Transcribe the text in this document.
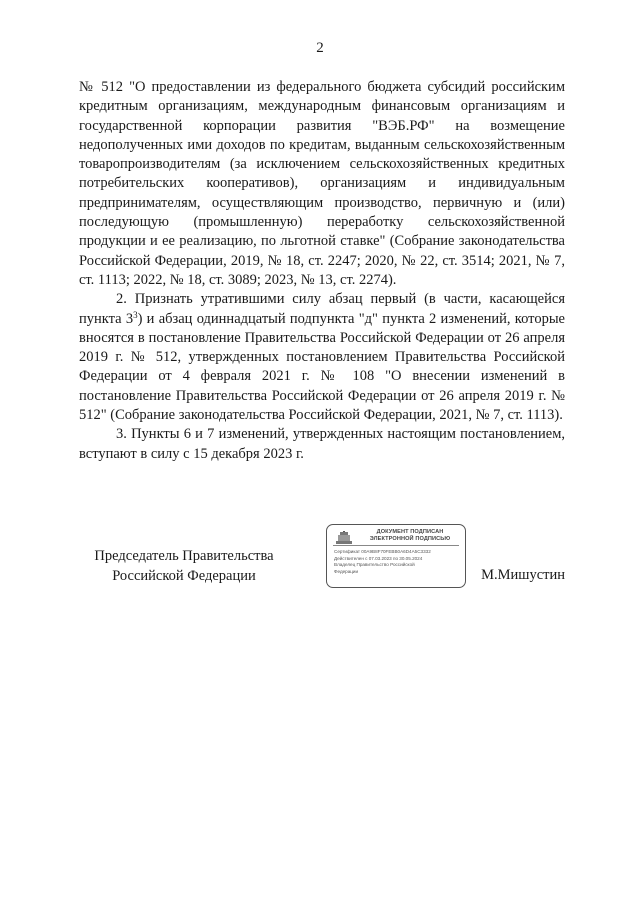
2

№ 512 "О предоставлении из федерального бюджета субсидий российским кредитным организациям, международным финансовым организациям и государственной корпорации развития "ВЭБ.РФ" на возмещение недополученных ими доходов по кредитам, выданным сельскохозяйственным товаропроизводителям (за исключением сельскохозяйственных кредитных потребительских кооперативов), организациям и индивидуальным предпринимателям, осуществляющим производство, первичную и (или) последующую (промышленную) переработку сельскохозяйственной продукции и ее реализацию, по льготной ставке" (Собрание законодательства Российской Федерации, 2019, № 18, ст. 2247; 2020, № 22, ст. 3514; 2021, № 7, ст. 1113; 2022, № 18, ст. 3089; 2023, № 13, ст. 2274).

2. Признать утратившими силу абзац первый (в части, касающейся пункта $3^3$) и абзац одиннадцатый подпункта "д" пункта 2 изменений, которые вносятся в постановление Правительства Российской Федерации от 26 апреля 2019 г. № 512, утвержденных постановлением Правительства Российской Федерации от 4 февраля 2021 г. № 108 "О внесении изменений в постановление Правительства Российской Федерации от 26 апреля 2019 г. № 512" (Собрание законодательства Российской Федерации, 2021, № 7, ст. 1113).

3. Пункты 6 и 7 изменений, утвержденных настоящим постановлением, вступают в силу с 15 декабря 2023 г.

Председатель Правительства
Российской Федерации
ДОКУМЕНТ ПОДПИСАН
ЭЛЕКТРОННОЙ ПОДПИСЬЮ
Сертификат 00A9B8F70FEBB0A6D4A5C3332
Действителен с 07.03.2023 по 30.05.2024
Владелец Правительство Российской
Федерации	М.Мишустин
